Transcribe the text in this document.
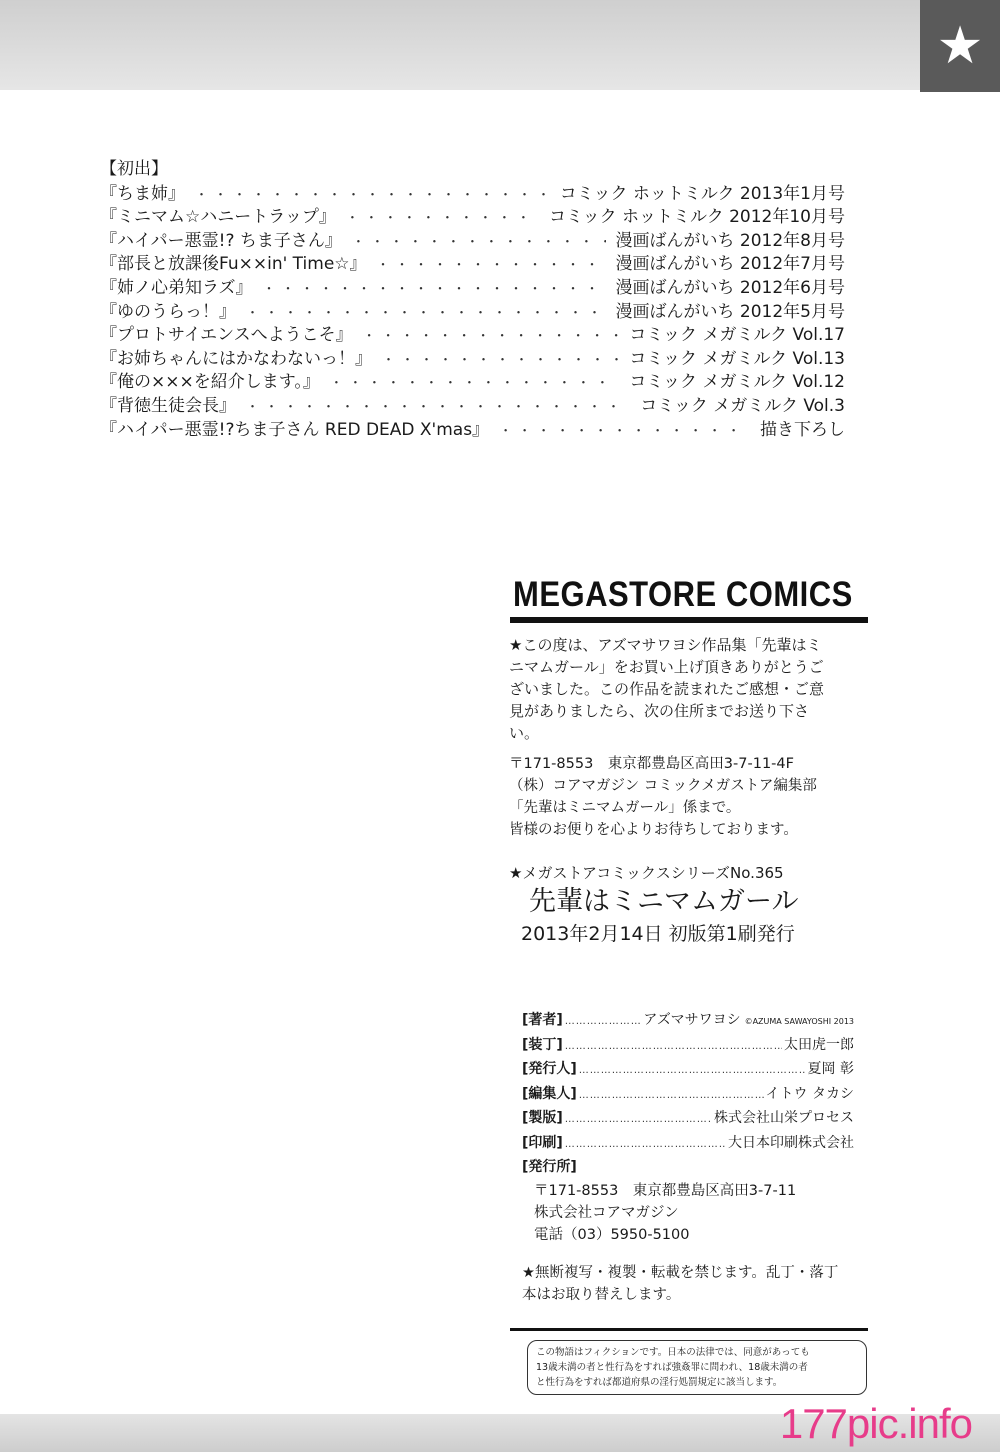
★
【初出】
『ちま姉』 ・・・・・・・・・・・・・・・・・・・・・・・・・・・・・・・・・・・・・・・・・・・・・・・・・	コミック ホットミルク 2013年1月号
『ミニマム☆ハニートラップ』 ・・・・・・・・・・・・・・・・・・・・・・・・・・・・・・・・・・・・・・・・・・・・・・・・・	コミック ホットミルク 2012年10月号
『ハイパー悪霊!? ちま子さん』 ・・・・・・・・・・・・・・・・・・・・・・・・・・・・・・・・・・・・・・・・・・・・・・・・・	漫画ばんがいち 2012年8月号
『部長と放課後Fu××in' Time☆』 ・・・・・・・・・・・・・・・・・・・・・・・・・・・・・・・・・・・・・・・・・・・・・・・・・	漫画ばんがいち 2012年7月号
『姉ノ心弟知ラズ』 ・・・・・・・・・・・・・・・・・・・・・・・・・・・・・・・・・・・・・・・・・・・・・・・・・	漫画ばんがいち 2012年6月号
『ゆのうらっ！』 ・・・・・・・・・・・・・・・・・・・・・・・・・・・・・・・・・・・・・・・・・・・・・・・・・	漫画ばんがいち 2012年5月号
『プロトサイエンスへようこそ』 ・・・・・・・・・・・・・・・・・・・・・・・・・・・・・・・・・・・・・・・・・・・・・・・・・	コミック メガミルク Vol.17
『お姉ちゃんにはかなわないっ！』 ・・・・・・・・・・・・・・・・・・・・・・・・・・・・・・・・・・・・・・・・・・・・・・・・・	コミック メガミルク Vol.13
『俺の×××を紹介します。』 ・・・・・・・・・・・・・・・・・・・・・・・・・・・・・・・・・・・・・・・・・・・・・・・・・	コミック メガミルク Vol.12
『背徳生徒会長』 ・・・・・・・・・・・・・・・・・・・・・・・・・・・・・・・・・・・・・・・・・・・・・・・・・	コミック メガミルク Vol.3
『ハイパー悪霊!?ちま子さん RED DEAD X'mas』 ・・・・・・・・・・・・・・・・・・・・・・・・・・・・・・・・・・・・・・・・・・・・・・・・・	描き下ろし
MEGASTORE COMICS
★この度は、アズマサワヨシ作品集「先輩はミ
ニマムガール」をお買い上げ頂きありがとうご
ざいました。この作品を読まれたご感想・ご意
見がありましたら、次の住所までお送り下さ
い。
〒171-8553　東京都豊島区高田3-7-11-4F
（株）コアマガジン コミックメガストア編集部
「先輩はミニマムガール」係まで。
皆様のお便りを心よりお待ちしております。
★メガストアコミックスシリーズNo.365
先輩はミニマムガール
2013年2月14日 初版第1刷発行
[著者] ………………………………………………………………………………	アズマサワヨシ ©AZUMA SAWAYOSHI 2013
[装丁] ………………………………………………………………………………	太田虎一郎
[発行人] ………………………………………………………………………………	夏岡 彰
[編集人] ………………………………………………………………………………	イトウ タカシ
[製版] ………………………………………………………………………………	株式会社山栄プロセス
[印刷] ………………………………………………………………………………	大日本印刷株式会社
[発行所]
〒171-8553　東京都豊島区高田3-7-11
株式会社コアマガジン
電話（03）5950-5100
★無断複写・複製・転載を禁じます。乱丁・落丁
本はお取り替えします。
この物語はフィクションです。日本の法律では、同意があっても
13歳未満の者と性行為をすれば強姦罪に問われ、18歳未満の者
と性行為をすれば都道府県の淫行処罰規定に該当します。
177pic.info
